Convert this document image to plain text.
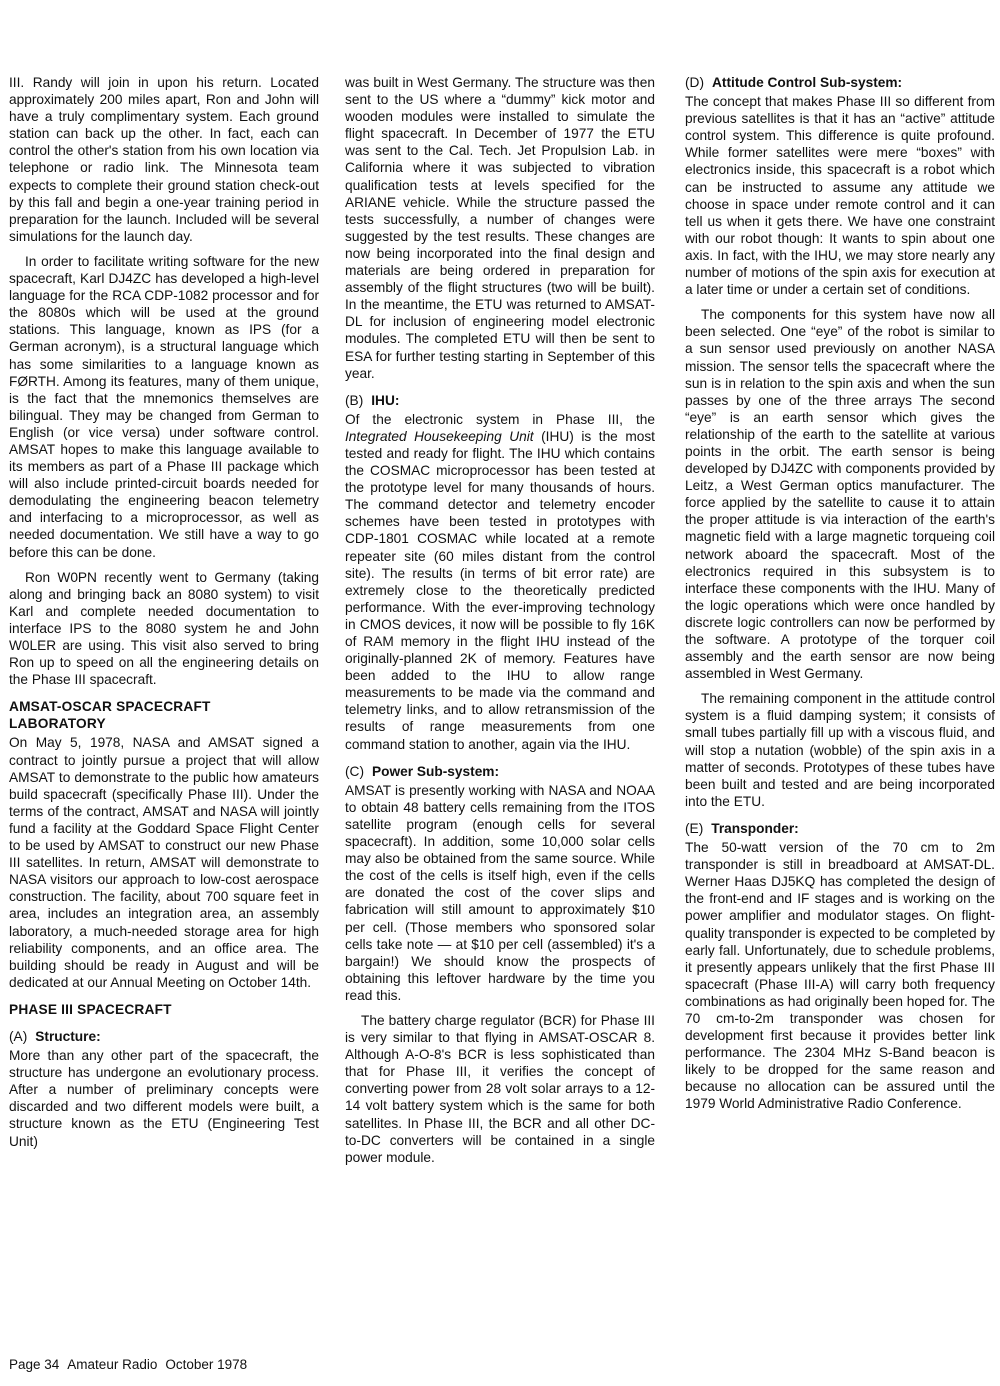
III. Randy will join in upon his return. Located approximately 200 miles apart, Ron and John will have a truly complimentary system. Each ground station can back up the other. In fact, each can control the other's station from his own location via telephone or radio link. The Minnesota team expects to complete their ground station check-out by this fall and begin a one-year training period in preparation for the launch. Included will be several simulations for the launch day.

In order to facilitate writing software for the new spacecraft, Karl DJ4ZC has developed a high-level language for the RCA CDP-1082 processor and for the 8080s which will be used at the ground stations. This language, known as IPS (for a German acronym), is a structural language which has some similarities to a language known as FØRTH. Among its features, many of them unique, is the fact that the mnemonics themselves are bilingual. They may be changed from German to English (or vice versa) under software control. AMSAT hopes to make this language available to its members as part of a Phase III package which will also include printed-circuit boards needed for demodulating the engineering beacon telemetry and interfacing to a microprocessor, as well as needed documentation. We still have a way to go before this can be done.

Ron W0PN recently went to Germany (taking along and bringing back an 8080 system) to visit Karl and complete needed documentation to interface IPS to the 8080 system he and John W0LER are using. This visit also served to bring Ron up to speed on all the engineering details on the Phase III spacecraft.

AMSAT-OSCAR SPACECRAFT
LABORATORY

On May 5, 1978, NASA and AMSAT signed a contract to jointly pursue a project that will allow AMSAT to demonstrate to the public how amateurs build spacecraft (specifically Phase III). Under the terms of the contract, AMSAT and NASA will jointly fund a facility at the Goddard Space Flight Center to be used by AMSAT to construct our new Phase III satellites. In return, AMSAT will demonstrate to NASA visitors our approach to low-cost aerospace construction. The facility, about 700 square feet in area, includes an integration area, an assembly laboratory, a much-needed storage area for high reliability components, and an office area. The building should be ready in August and will be dedicated at our Annual Meeting on October 14th.

PHASE III SPACECRAFT
(A) Structure:

More than any other part of the spacecraft, the structure has undergone an evolutionary process. After a number of preliminary concepts were discarded and two different models were built, a structure known as the ETU (Engineering Test Unit)

was built in West Germany. The structure was then sent to the US where a “dummy” kick motor and wooden modules were installed to simulate the flight spacecraft. In December of 1977 the ETU was sent to the Cal. Tech. Jet Propulsion Lab. in California where it was subjected to vibration qualification tests at levels specified for the ARIANE vehicle. While the structure passed the tests successfully, a number of changes were suggested by the test results. These changes are now being incorporated into the final design and materials are being ordered in preparation for assembly of the flight structures (two will be built). In the meantime, the ETU was returned to AMSAT-DL for inclusion of engineering model electronic modules. The completed ETU will then be sent to ESA for further testing starting in September of this year.

(B) IHU:

Of the electronic system in Phase III, the Integrated Housekeeping Unit (IHU) is the most tested and ready for flight. The IHU which contains the COSMAC microprocessor has been tested at the prototype level for many thousands of hours. The command detector and telemetry encoder schemes have been tested in prototypes with CDP-1801 COSMAC while located at a remote repeater site (60 miles distant from the control site). The results (in terms of bit error rate) are extremely close to the theoretically predicted performance. With the ever-improving technology in CMOS devices, it now will be possible to fly 16K of RAM memory in the flight IHU instead of the originally-planned 2K of memory. Features have been added to the IHU to allow range measurements to be made via the command and telemetry links, and to allow retransmission of the results of range measurements from one command station to another, again via the IHU.

(C) Power Sub-system:

AMSAT is presently working with NASA and NOAA to obtain 48 battery cells remaining from the ITOS satellite program (enough cells for several spacecraft). In addition, some 10,000 solar cells may also be obtained from the same source. While the cost of the cells is itself high, even if the cells are donated the cost of the cover slips and fabrication will still amount to approximately $10 per cell. (Those members who sponsored solar cells take note — at $10 per cell (assembled) it's a bargain!) We should know the prospects of obtaining this leftover hardware by the time you read this.

The battery charge regulator (BCR) for Phase III is very similar to that flying in AMSAT-OSCAR 8. Although A-O-8's BCR is less sophisticated than that for Phase III, it verifies the concept of converting power from 28 volt solar arrays to a 12-14 volt battery system which is the same for both satellites. In Phase III, the BCR and all other DC-to-DC converters will be contained in a single power module.

(D) Attitude Control Sub-system:

The concept that makes Phase III so different from previous satellites is that it has an “active” attitude control system. This difference is quite profound. While former satellites were mere “boxes” with electronics inside, this spacecraft is a robot which can be instructed to assume any attitude we choose in space under remote control and it can tell us when it gets there. We have one constraint with our robot though: It wants to spin about one axis. In fact, with the IHU, we may store nearly any number of motions of the spin axis for execution at a later time or under a certain set of conditions.

The components for this system have now all been selected. One “eye” of the robot is similar to a sun sensor used previously on another NASA mission. The sensor tells the spacecraft where the sun is in relation to the spin axis and when the sun passes by one of the three arrays The second “eye” is an earth sensor which gives the relationship of the earth to the satellite at various points in the orbit. The earth sensor is being developed by DJ4ZC with components provided by Leitz, a West German optics manufacturer. The force applied by the satellite to cause it to attain the proper attitude is via interaction of the earth's magnetic field with a large magnetic torqueing coil network aboard the spacecraft. Most of the electronics required in this subsystem is to interface these components with the IHU. Many of the logic operations which were once handled by discrete logic controllers can now be performed by the software. A prototype of the torquer coil assembly and the earth sensor are now being assembled in West Germany.

The remaining component in the attitude control system is a fluid damping system; it consists of small tubes partially fill up with a viscous fluid, and will stop a nutation (wobble) of the spin axis in a matter of seconds. Prototypes of these tubes have been built and tested and are being incorporated into the ETU.

(E) Transponder:

The 50-watt version of the 70 cm to 2m transponder is still in breadboard at AMSAT-DL. Werner Haas DJ5KQ has completed the design of the front-end and IF stages and is working on the power amplifier and modulator stages. On flight-quality transponder is expected to be completed by early fall. Unfortunately, due to schedule problems, it presently appears unlikely that the first Phase III spacecraft (Phase III-A) will carry both frequency combinations as had originally been hoped for. The 70 cm-to-2m transponder was chosen for development first because it provides better link performance. The 2304 MHz S-Band beacon is likely to be dropped for the same reason and because no allocation can be assured until the 1979 World Administrative Radio Conference.

Page 34 Amateur Radio October 1978
